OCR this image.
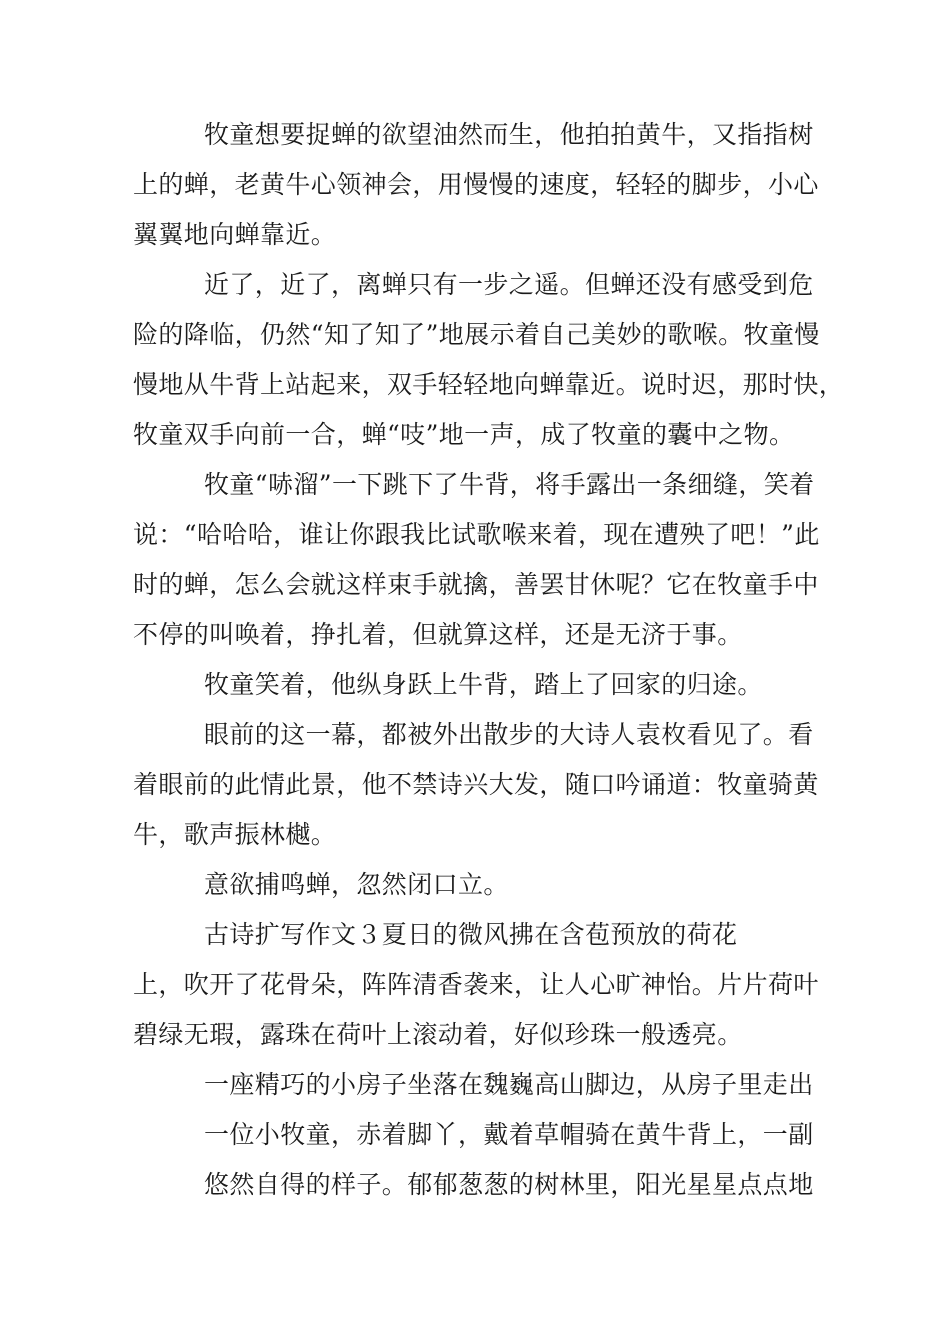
牧童想要捉蝉的欲望油然而生，他拍拍黄牛，又指指树
上的蝉，老黄牛心领神会，用慢慢的速度，轻轻的脚步，小心
翼翼地向蝉靠近。
近了，近了，离蝉只有一步之遥。但蝉还没有感受到危
险的降临，仍然“知了知了”地展示着自己美妙的歌喉。牧童慢
慢地从牛背上站起来，双手轻轻地向蝉靠近。说时迟，那时快，
牧童双手向前一合，蝉“吱”地一声，成了牧童的囊中之物。
牧童“哧溜”一下跳下了牛背，将手露出一条细缝，笑着
说：“哈哈哈，谁让你跟我比试歌喉来着，现在遭殃了吧！”此
时的蝉，怎么会就这样束手就擒，善罢甘休呢？它在牧童手中
不停的叫唤着，挣扎着，但就算这样，还是无济于事。
牧童笑着，他纵身跃上牛背，踏上了回家的归途。
眼前的这一幕，都被外出散步的大诗人袁枚看见了。看
着眼前的此情此景，他不禁诗兴大发，随口吟诵道：牧童骑黄
牛，歌声振林樾。
意欲捕鸣蝉，忽然闭口立。
古诗扩写作文３夏日的微风拂在含苞预放的荷花
上，吹开了花骨朵，阵阵清香袭来，让人心旷神怡。片片荷叶
碧绿无瑕，露珠在荷叶上滚动着，好似珍珠一般透亮。
一座精巧的小房子坐落在魏巍高山脚边，从房子里走出
一位小牧童，赤着脚丫，戴着草帽骑在黄牛背上，一副
悠然自得的样子。郁郁葱葱的树林里，阳光星星点点地
